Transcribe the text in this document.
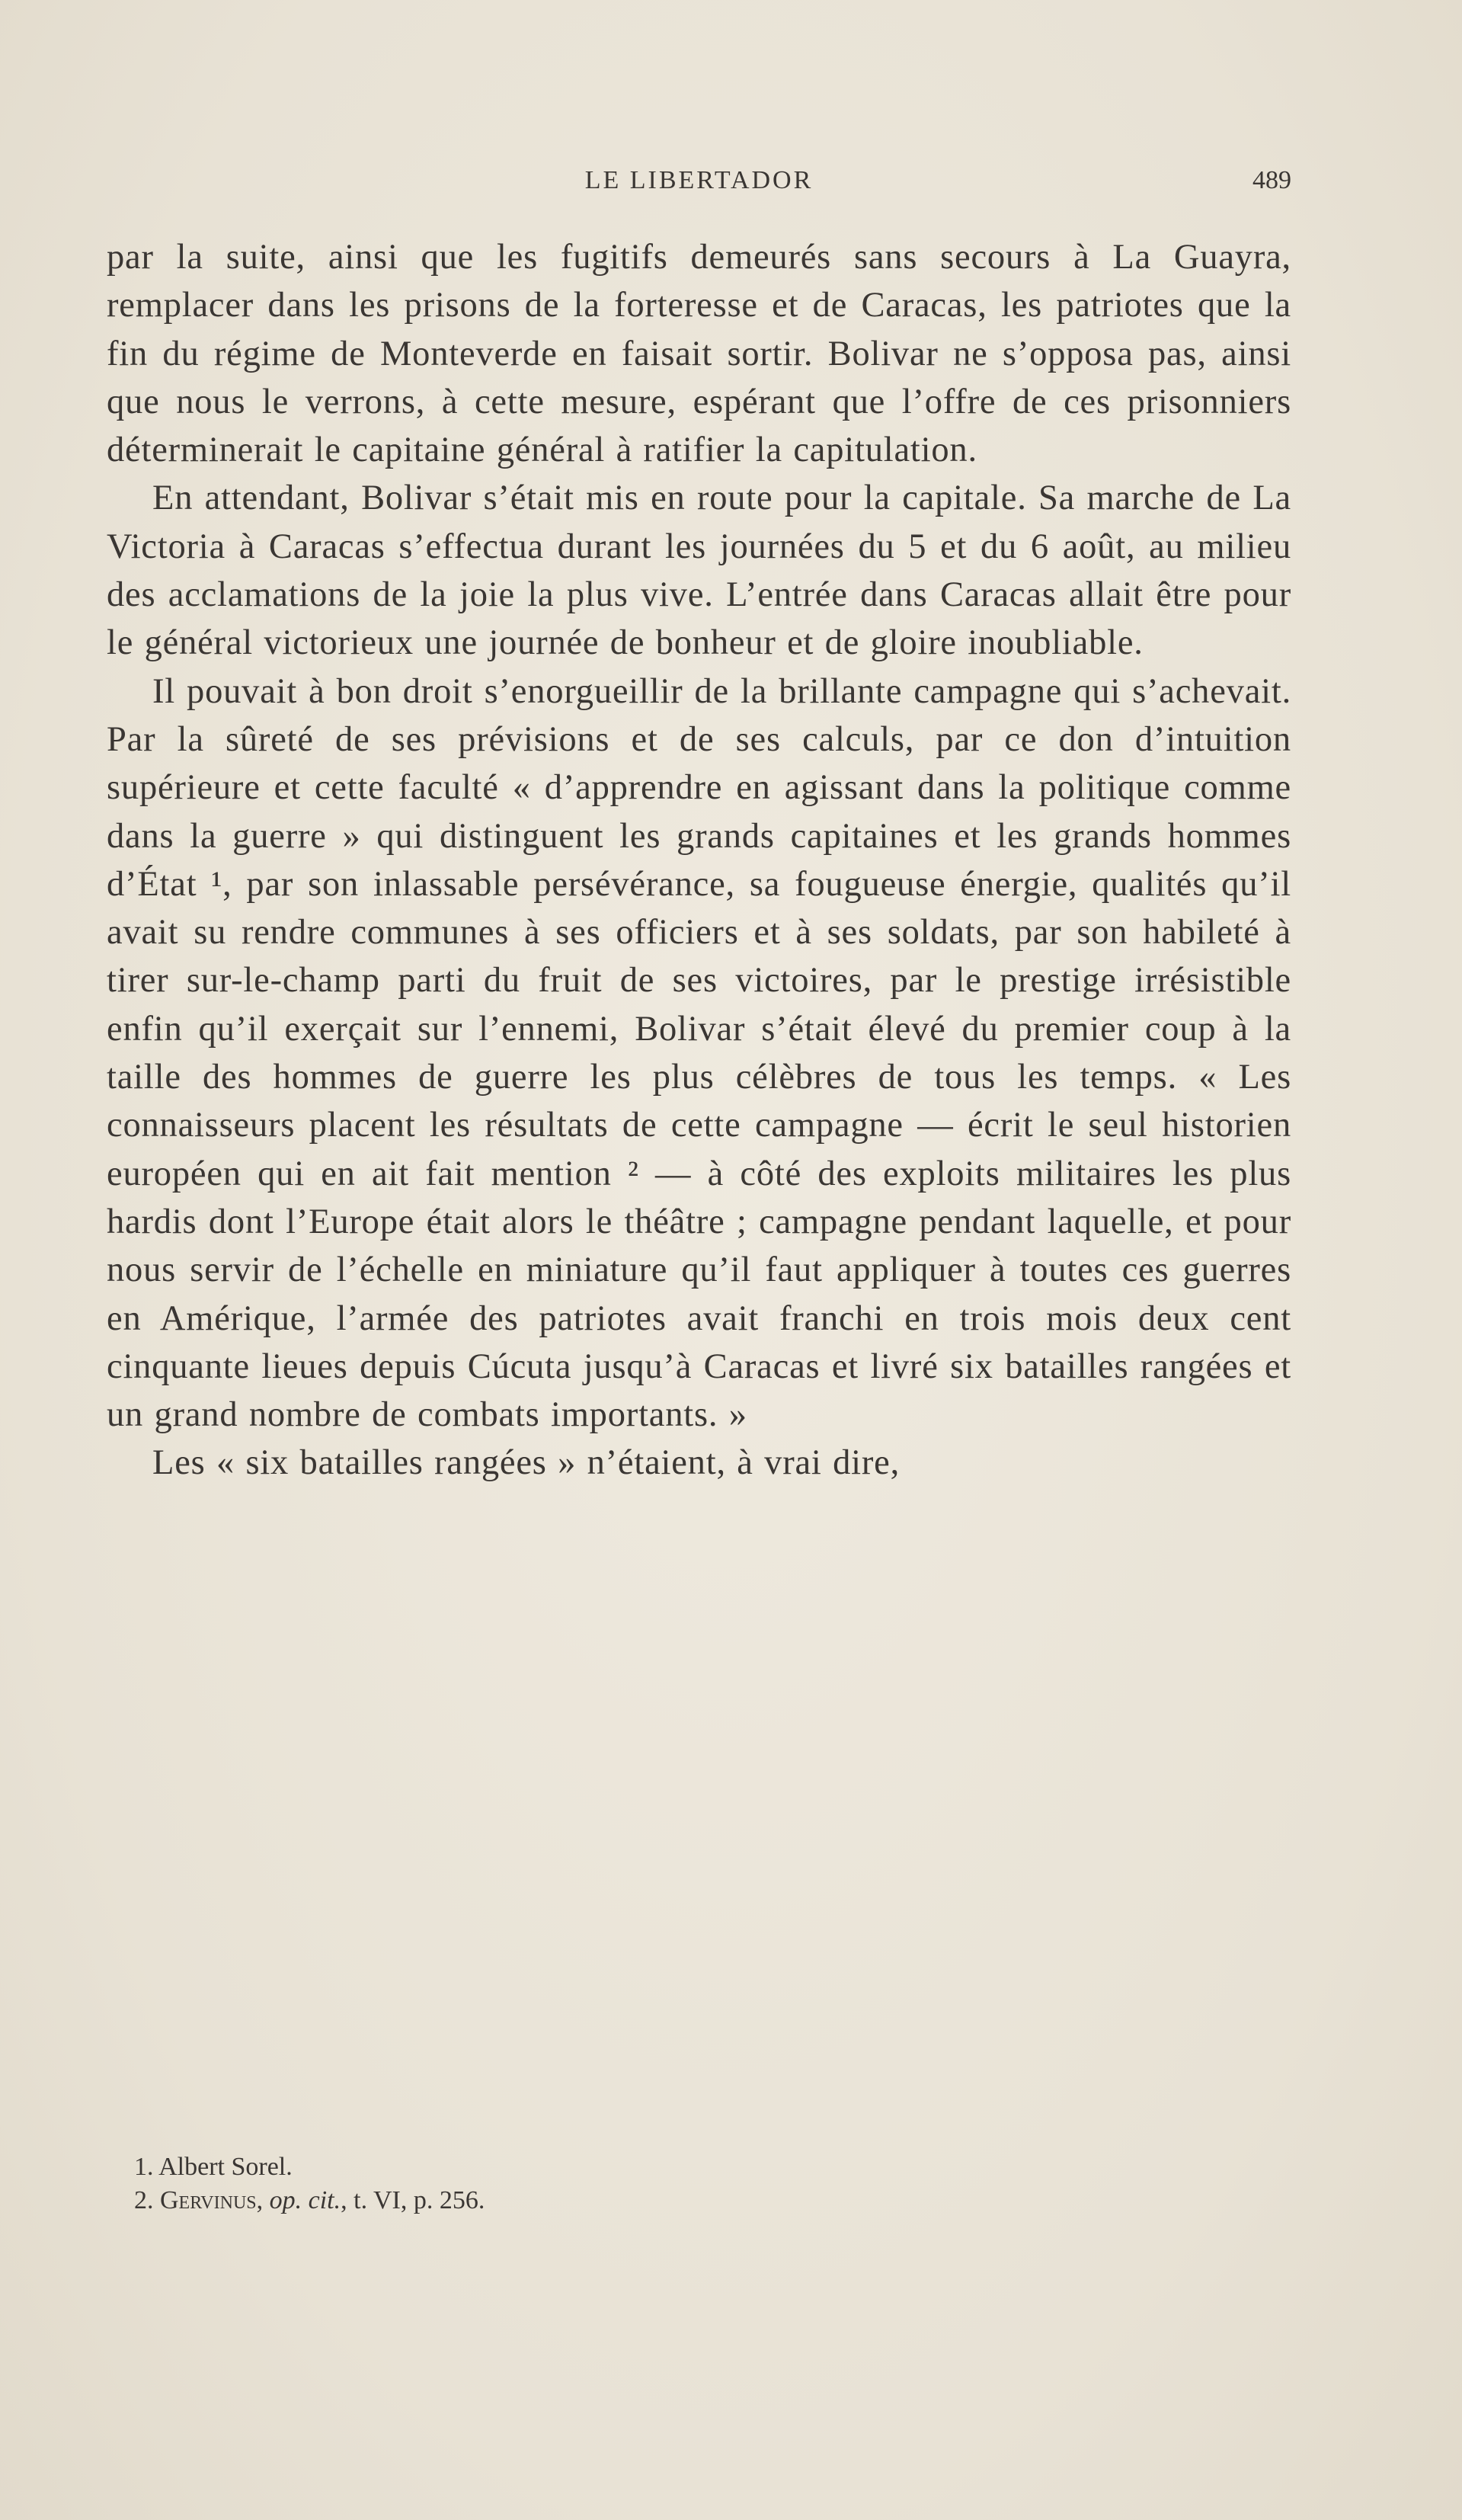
LE LIBERTADOR	489

par la suite, ainsi que les fugitifs demeurés sans secours à La Guayra, remplacer dans les prisons de la forteresse et de Caracas, les patriotes que la fin du régime de Monteverde en faisait sortir. Bolivar ne s’opposa pas, ainsi que nous le verrons, à cette mesure, espérant que l’offre de ces prisonniers déterminerait le capitaine général à ratifier la capitulation.

En attendant, Bolivar s’était mis en route pour la capitale. Sa marche de La Victoria à Caracas s’effectua durant les journées du 5 et du 6 août, au milieu des acclamations de la joie la plus vive. L’entrée dans Caracas allait être pour le général victorieux une journée de bonheur et de gloire inoubliable.

Il pouvait à bon droit s’enorgueillir de la brillante campagne qui s’achevait. Par la sûreté de ses prévisions et de ses calculs, par ce don d’intuition supérieure et cette faculté « d’apprendre en agissant dans la politique comme dans la guerre » qui distinguent les grands capitaines et les grands hommes d’État ¹, par son inlassable persévérance, sa fougueuse énergie, qualités qu’il avait su rendre communes à ses officiers et à ses soldats, par son habileté à tirer sur-le-champ parti du fruit de ses victoires, par le prestige irrésistible enfin qu’il exerçait sur l’ennemi, Bolivar s’était élevé du premier coup à la taille des hommes de guerre les plus célèbres de tous les temps. « Les connaisseurs placent les résultats de cette campagne — écrit le seul historien européen qui en ait fait mention ² — à côté des exploits militaires les plus hardis dont l’Europe était alors le théâtre ; campagne pendant laquelle, et pour nous servir de l’échelle en miniature qu’il faut appliquer à toutes ces guerres en Amérique, l’armée des patriotes avait franchi en trois mois deux cent cinquante lieues depuis Cúcuta jusqu’à Caracas et livré six batailles rangées et un grand nombre de combats importants. »

Les « six batailles rangées » n’étaient, à vrai dire,

1. Albert Sorel.

2. Gervinus, op. cit., t. VI, p. 256.
